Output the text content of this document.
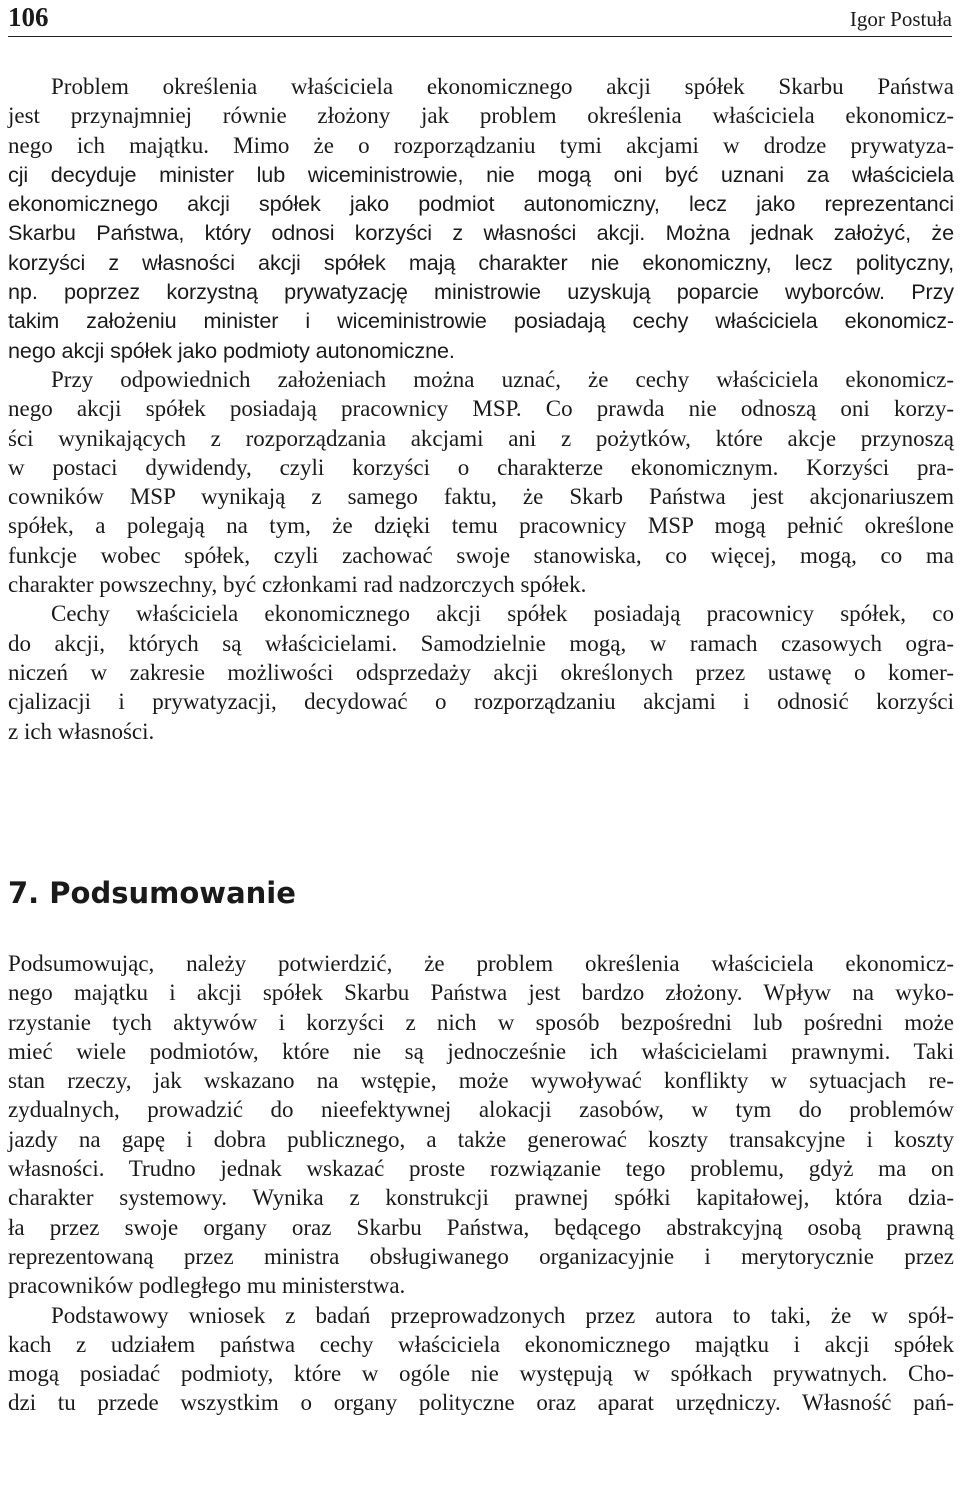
106	Igor Postuła
Problem określenia właściciela ekonomicznego akcji spółek Skarbu Państwa
jest przynajmniej równie złożony jak problem określenia właściciela ekonomicz-
nego ich majątku. Mimo że o rozporządzaniu tymi akcjami w drodze prywatyza-
cji decyduje minister lub wiceministrowie, nie mogą oni być uznani za właściciela
ekonomicznego akcji spółek jako podmiot autonomiczny, lecz jako reprezentanci
Skarbu Państwa, który odnosi korzyści z własności akcji. Można jednak założyć, że
korzyści z własności akcji spółek mają charakter nie ekonomiczny, lecz polityczny,
np. poprzez korzystną prywatyzację ministrowie uzyskują poparcie wyborców. Przy
takim założeniu minister i wiceministrowie posiadają cechy właściciela ekonomicz-
nego akcji spółek jako podmioty autonomiczne.
Przy odpowiednich założeniach można uznać, że cechy właściciela ekonomicz-
nego akcji spółek posiadają pracownicy MSP. Co prawda nie odnoszą oni korzy-
ści wynikających z rozporządzania akcjami ani z pożytków, które akcje przynoszą
w postaci dywidendy, czyli korzyści o charakterze ekonomicznym. Korzyści pra-
cowników MSP wynikają z samego faktu, że Skarb Państwa jest akcjonariuszem
spółek, a polegają na tym, że dzięki temu pracownicy MSP mogą pełnić określone
funkcje wobec spółek, czyli zachować swoje stanowiska, co więcej, mogą, co ma
charakter powszechny, być członkami rad nadzorczych spółek.
Cechy właściciela ekonomicznego akcji spółek posiadają pracownicy spółek, co
do akcji, których są właścicielami. Samodzielnie mogą, w ramach czasowych ogra-
niczeń w zakresie możliwości odsprzedaży akcji określonych przez ustawę o komer-
cjalizacji i prywatyzacji, decydować o rozporządzaniu akcjami i odnosić korzyści
z ich własności.
7. Podsumowanie
Podsumowując, należy potwierdzić, że problem określenia właściciela ekonomicz-
nego majątku i akcji spółek Skarbu Państwa jest bardzo złożony. Wpływ na wyko-
rzystanie tych aktywów i korzyści z nich w sposób bezpośredni lub pośredni może
mieć wiele podmiotów, które nie są jednocześnie ich właścicielami prawnymi. Taki
stan rzeczy, jak wskazano na wstępie, może wywoływać konflikty w sytuacjach re-
zydualnych, prowadzić do nieefektywnej alokacji zasobów, w tym do problemów
jazdy na gapę i dobra publicznego, a także generować koszty transakcyjne i koszty
własności. Trudno jednak wskazać proste rozwiązanie tego problemu, gdyż ma on
charakter systemowy. Wynika z konstrukcji prawnej spółki kapitałowej, która dzia-
ła przez swoje organy oraz Skarbu Państwa, będącego abstrakcyjną osobą prawną
reprezentowaną przez ministra obsługiwanego organizacyjnie i merytorycznie przez
pracowników podległego mu ministerstwa.
Podstawowy wniosek z badań przeprowadzonych przez autora to taki, że w spół-
kach z udziałem państwa cechy właściciela ekonomicznego majątku i akcji spółek
mogą posiadać podmioty, które w ogóle nie występują w spółkach prywatnych. Cho-
dzi tu przede wszystkim o organy polityczne oraz aparat urzędniczy. Własność pań-
